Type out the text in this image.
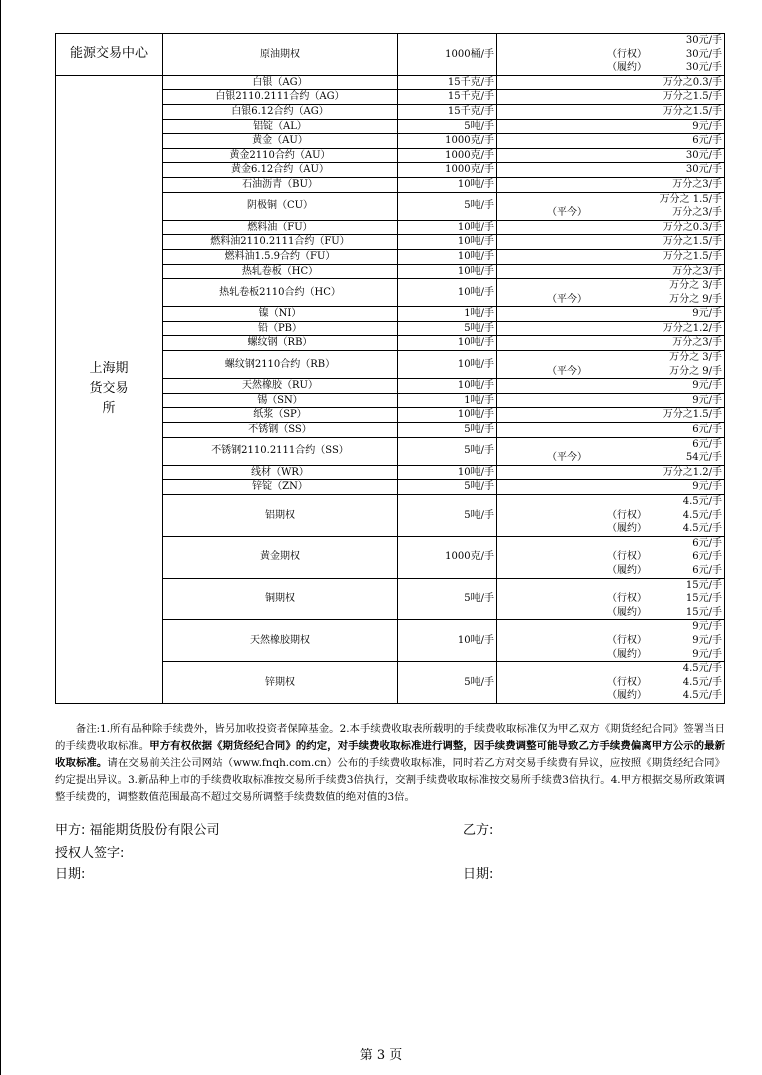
能源交易中心	原油期权	1000桶/手	30元/手
（行权） 30元/手
（履约） 30元/手

上海期货交易所	白银（AG）	15千克/手	万分之0.3/手

	白银2110.2111合约（AG）	15千克/手	万分之1.5/手

	白银6.12合约（AG）	15千克/手	万分之1.5/手

	铝锭（AL）	5吨/手	9元/手

	黄金（AU）	1000克/手	6元/手

	黄金2110合约（AU）	1000克/手	30元/手

	黄金6.12合约（AU）	1000克/手	30元/手

	石油沥青（BU）	10吨/手	万分之3/手

	阴极铜（CU）	5吨/手	万分之 1.5/手
（平今） 万分之3/手

	燃料油（FU）	10吨/手	万分之0.3/手

	燃料油2110.2111合约（FU）	10吨/手	万分之1.5/手

	燃料油1.5.9合约（FU）	10吨/手	万分之1.5/手

	热轧卷板（HC）	10吨/手	万分之3/手

	热轧卷板2110合约（HC）	10吨/手	万分之 3/手
（平今） 万分之 9/手

	镍（NI）	1吨/手	9元/手

	铅（PB）	5吨/手	万分之1.2/手

	螺纹钢（RB）	10吨/手	万分之3/手

	螺纹钢2110合约（RB）	10吨/手	万分之 3/手
（平今） 万分之 9/手

	天然橡胶（RU）	10吨/手	9元/手

	锡（SN）	1吨/手	9元/手

	纸浆（SP）	10吨/手	万分之1.5/手

	不锈钢（SS）	5吨/手	6元/手

	不锈钢2110.2111合约（SS）	5吨/手	6元/手
（平今） 54元/手

	线材（WR）	10吨/手	万分之1.2/手

	锌锭（ZN）	5吨/手	9元/手

	铝期权	5吨/手	4.5元/手
（行权） 4.5元/手
（履约） 4.5元/手

	黄金期权	1000克/手	6元/手
（行权） 6元/手
（履约） 6元/手

	铜期权	5吨/手	15元/手
（行权） 15元/手
（履约） 15元/手

	天然橡胶期权	10吨/手	9元/手
（行权） 9元/手
（履约） 9元/手

	锌期权	5吨/手	4.5元/手
（行权） 4.5元/手
（履约） 4.5元/手
备注:1.所有品种除手续费外，皆另加收投资者保障基金。2.本手续费收取表所载明的手续费收取标准仅为甲乙双方《期货经纪合同》签署当日的手续费收取标准。甲方有权依据《期货经纪合同》的约定，对手续费收取标准进行调整，因手续费调整可能导致乙方手续费偏离甲方公示的最新收取标准。请在交易前关注公司网站（www.fnqh.com.cn）公布的手续费收取标准，同时若乙方对交易手续费有异议，应按照《期货经纪合同》约定提出异议。3.新品种上市的手续费收取标准按交易所手续费3倍执行，交割手续费收取标准按交易所手续费3倍执行。4.甲方根据交易所政策调整手续费的，调整数值范围最高不超过交易所调整手续费数值的绝对值的3倍。
甲方: 福能期货股份有限公司	乙方:
授权人签字:
日期:	日期:
第 3 页
